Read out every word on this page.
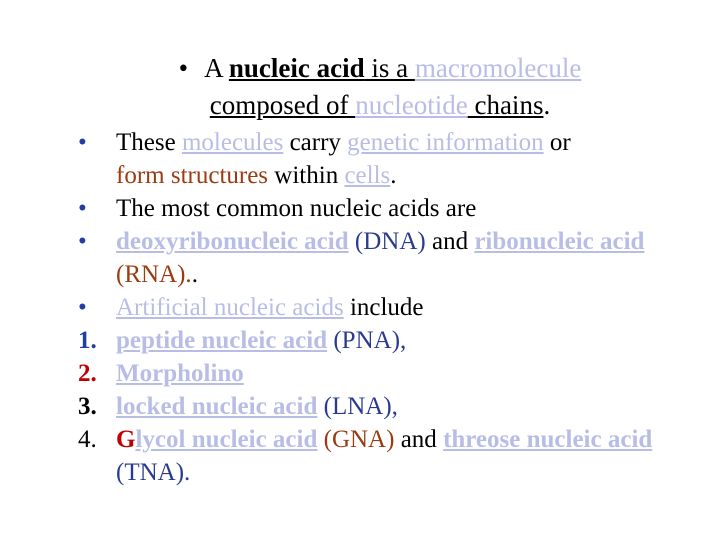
• A nucleic acid is a macromolecule
composed of nucleotide chains.
•	These molecules carry genetic information or
form structures within cells.
•	The most common nucleic acids are
•	deoxyribonucleic acid (DNA) and ribonucleic acid (RNA)..
•	Artificial nucleic acids include
1. peptide nucleic acid (PNA),
2. Morpholino
3. locked nucleic acid (LNA),
4. Glycol nucleic acid (GNA) and threose nucleic acid (TNA).
